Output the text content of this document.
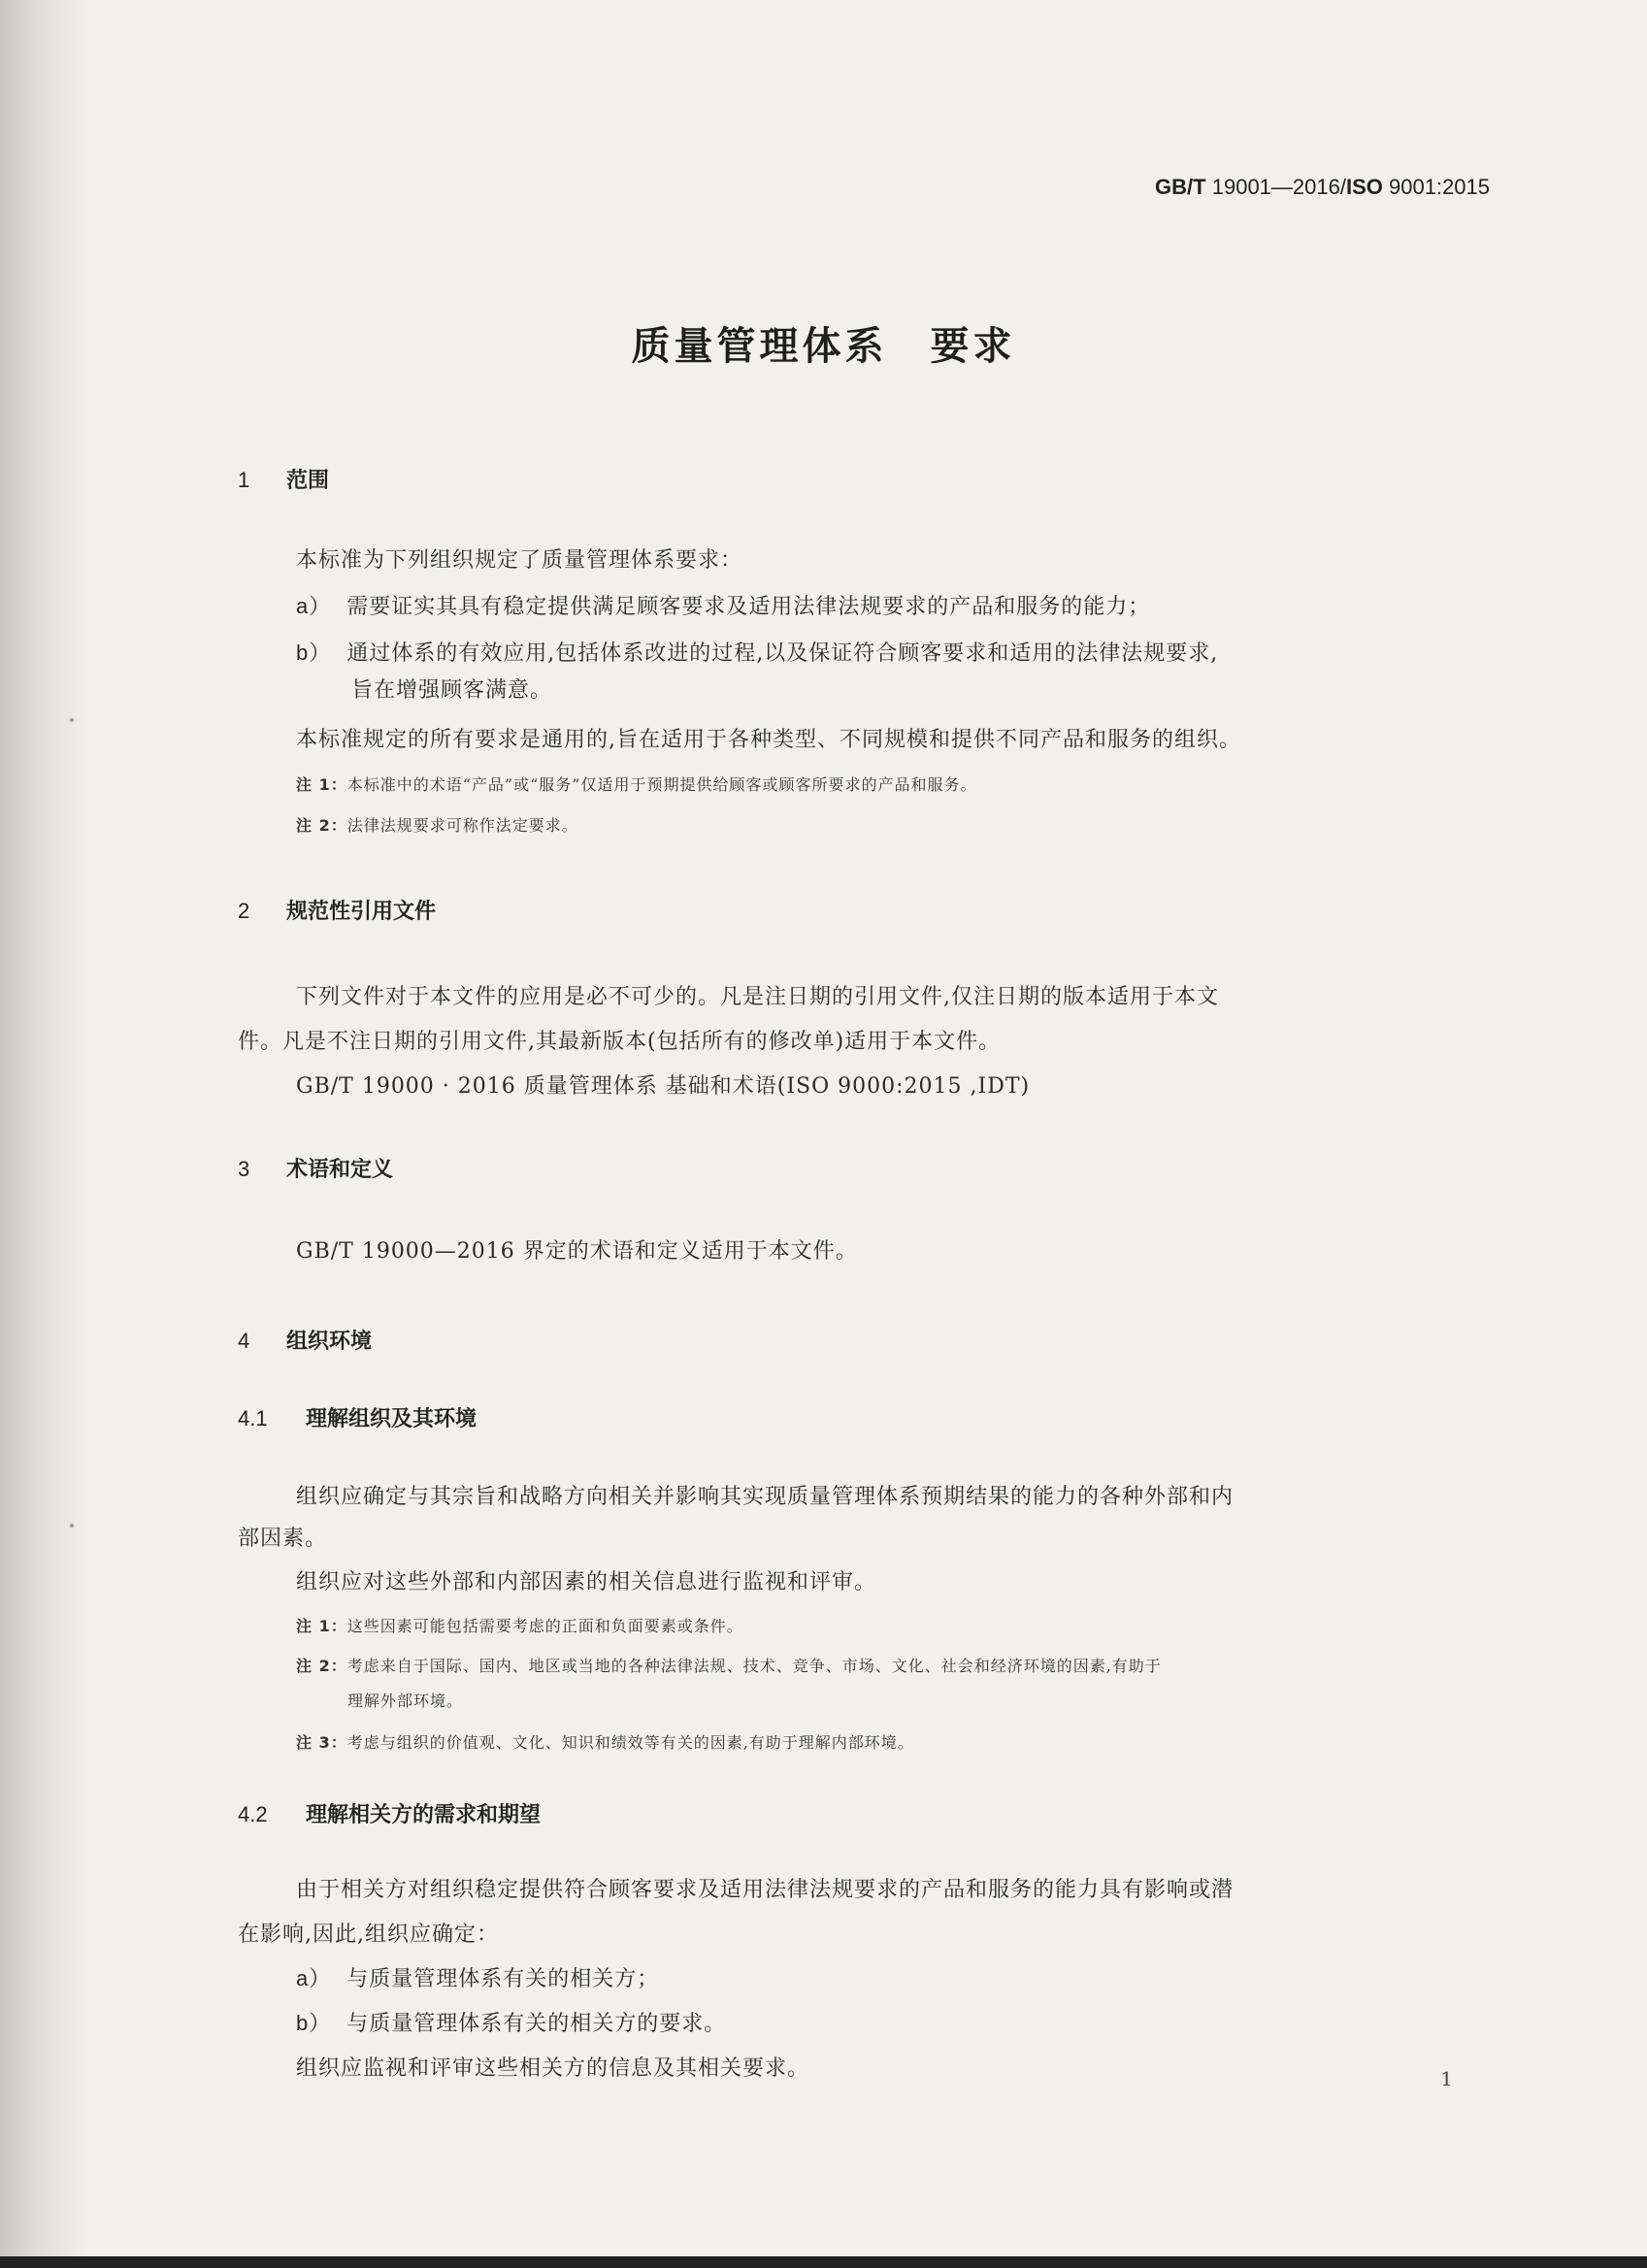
GB/T 19001—2016/ISO 9001:2015
质量管理体系 要求
1 范围
本标准为下列组织规定了质量管理体系要求：
a） 需要证实其具有稳定提供满足顾客要求及适用法律法规要求的产品和服务的能力；
b） 通过体系的有效应用,包括体系改进的过程,以及保证符合顾客要求和适用的法律法规要求,
旨在增强顾客满意。
本标准规定的所有要求是通用的,旨在适用于各种类型、不同规模和提供不同产品和服务的组织。
注 1：本标准中的术语“产品”或“服务”仅适用于预期提供给顾客或顾客所要求的产品和服务。
注 2：法律法规要求可称作法定要求。
2 规范性引用文件
下列文件对于本文件的应用是必不可少的。凡是注日期的引用文件,仅注日期的版本适用于本文
件。凡是不注日期的引用文件,其最新版本(包括所有的修改单)适用于本文件。
GB/T 19000 · 2016 质量管理体系 基础和术语(ISO 9000:2015 ,IDT)
3 术语和定义
GB/T 19000—2016 界定的术语和定义适用于本文件。
4 组织环境
4.1 理解组织及其环境
组织应确定与其宗旨和战略方向相关并影响其实现质量管理体系预期结果的能力的各种外部和内
部因素。
组织应对这些外部和内部因素的相关信息进行监视和评审。
注 1：这些因素可能包括需要考虑的正面和负面要素或条件。
注 2：考虑来自于国际、国内、地区或当地的各种法律法规、技术、竞争、市场、文化、社会和经济环境的因素,有助于
理解外部环境。
注 3：考虑与组织的价值观、文化、知识和绩效等有关的因素,有助于理解内部环境。
4.2 理解相关方的需求和期望
由于相关方对组织稳定提供符合顾客要求及适用法律法规要求的产品和服务的能力具有影响或潜
在影响,因此,组织应确定：
a） 与质量管理体系有关的相关方；
b） 与质量管理体系有关的相关方的要求。
组织应监视和评审这些相关方的信息及其相关要求。	1
